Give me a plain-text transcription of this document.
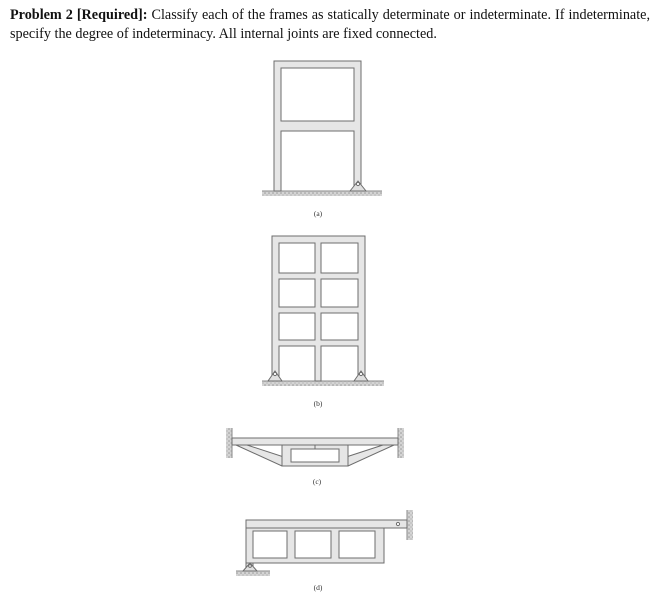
Problem 2 [Required]: Classify each of the frames as statically determinate or indeterminate. If indeterminate, specify the degree of indeterminacy. All internal joints are fixed connected.

(a)
(b)
(c)
(d)
